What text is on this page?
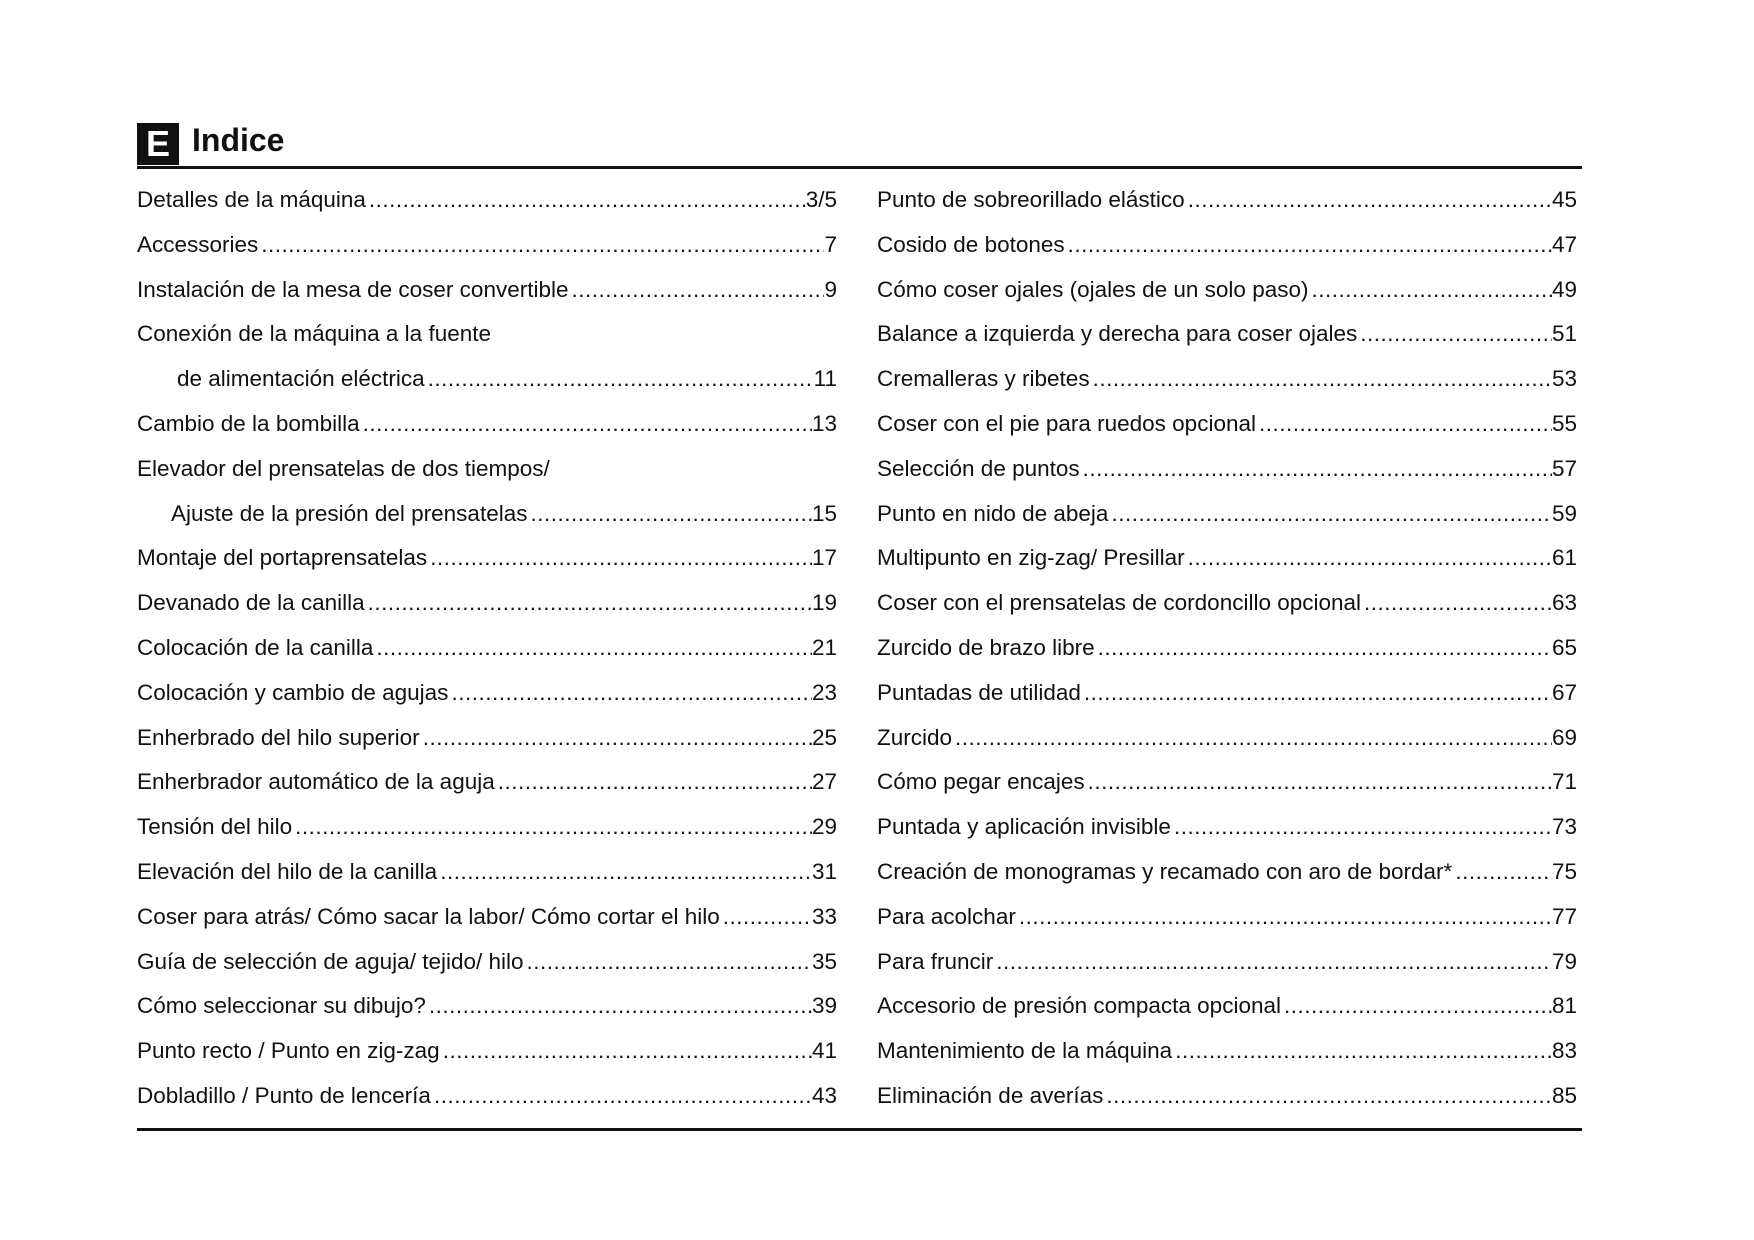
E Indice
Detalles de la máquina .....	3/5
Accessories .....	7
Instalación de la mesa de coser convertible .....	9
Conexión de la máquina a la fuente
de alimentación eléctrica .....	11
Cambio de la bombilla .....	13
Elevador del prensatelas de dos tiempos/
Ajuste de la presión del prensatelas .....	15
Montaje del portaprensatelas .....	17
Devanado de la canilla .....	19
Colocación de la canilla .....	21
Colocación y cambio de agujas .....	23
Enherbrado del hilo superior .....	25
Enherbrador automático de la aguja .....	27
Tensión del hilo .....	29
Elevación del hilo de la canilla .....	31
Coser para atrás/ Cómo sacar la labor/ Cómo cortar el hilo .....	33
Guía de selección de aguja/ tejido/ hilo .....	35
Cómo seleccionar su dibujo? .....	39
Punto recto / Punto en zig-zag .....	41
Dobladillo / Punto de lencería .....	43
Punto de sobreorillado elástico .....	45
Cosido de botones .....	47
Cómo coser ojales (ojales de un solo paso) .....	49
Balance a izquierda y derecha para coser ojales .....	51
Cremalleras y ribetes .....	53
Coser con el pie para ruedos opcional .....	55
Selección de puntos .....	57
Punto en nido de abeja .....	59
Multipunto en zig-zag/ Presillar .....	61
Coser con el prensatelas de cordoncillo opcional .....	63
Zurcido de brazo libre .....	65
Puntadas de utilidad .....	67
Zurcido .....	69
Cómo pegar encajes .....	71
Puntada y aplicación invisible .....	73
Creación de monogramas y recamado con aro de bordar* .....	75
Para acolchar .....	77
Para fruncir .....	79
Accesorio de presión compacta opcional .....	81
Mantenimiento de la máquina .....	83
Eliminación de averías .....	85
